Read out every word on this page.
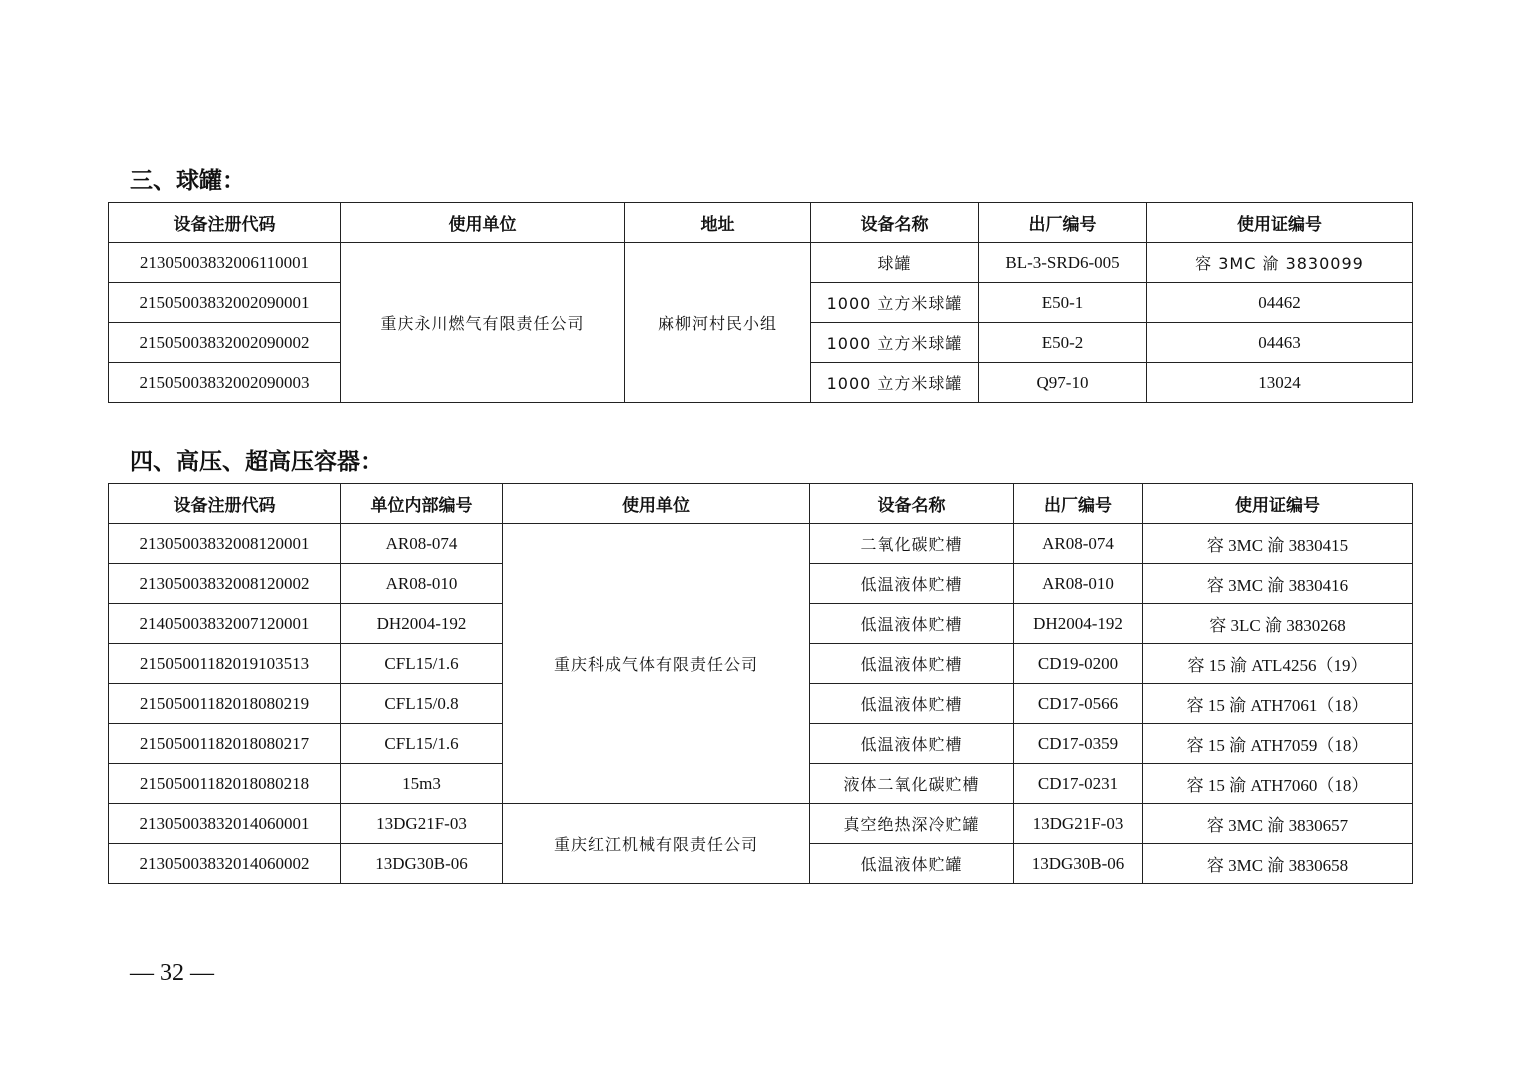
三、球罐：
设备注册代码	使用单位	地址	设备名称	出厂编号	使用证编号
21305003832006110001	重庆永川燃气有限责任公司	麻柳河村民小组	球罐	BL-3-SRD6-005	容 3MC 渝 3830099
21505003832002090001			1000 立方米球罐	E50-1	04462
21505003832002090002			1000 立方米球罐	E50-2	04463
21505003832002090003			1000 立方米球罐	Q97-10	13024
四、高压、超高压容器：
设备注册代码	单位内部编号	使用单位	设备名称	出厂编号	使用证编号
21305003832008120001	AR08-074	重庆科成气体有限责任公司	二氧化碳贮槽	AR08-074	容 3MC 渝 3830415
21305003832008120002	AR08-010		低温液体贮槽	AR08-010	容 3MC 渝 3830416
21405003832007120001	DH2004-192		低温液体贮槽	DH2004-192	容 3LC 渝 3830268
21505001182019103513	CFL15/1.6		低温液体贮槽	CD19-0200	容 15 渝 ATL4256（19）
21505001182018080219	CFL15/0.8		低温液体贮槽	CD17-0566	容 15 渝 ATH7061（18）
21505001182018080217	CFL15/1.6		低温液体贮槽	CD17-0359	容 15 渝 ATH7059（18）
21505001182018080218	15m3		液体二氧化碳贮槽	CD17-0231	容 15 渝 ATH7060（18）
21305003832014060001	13DG21F-03	重庆红江机械有限责任公司	真空绝热深冷贮罐	13DG21F-03	容 3MC 渝 3830657
21305003832014060002	13DG30B-06		低温液体贮罐	13DG30B-06	容 3MC 渝 3830658
— 32 —
